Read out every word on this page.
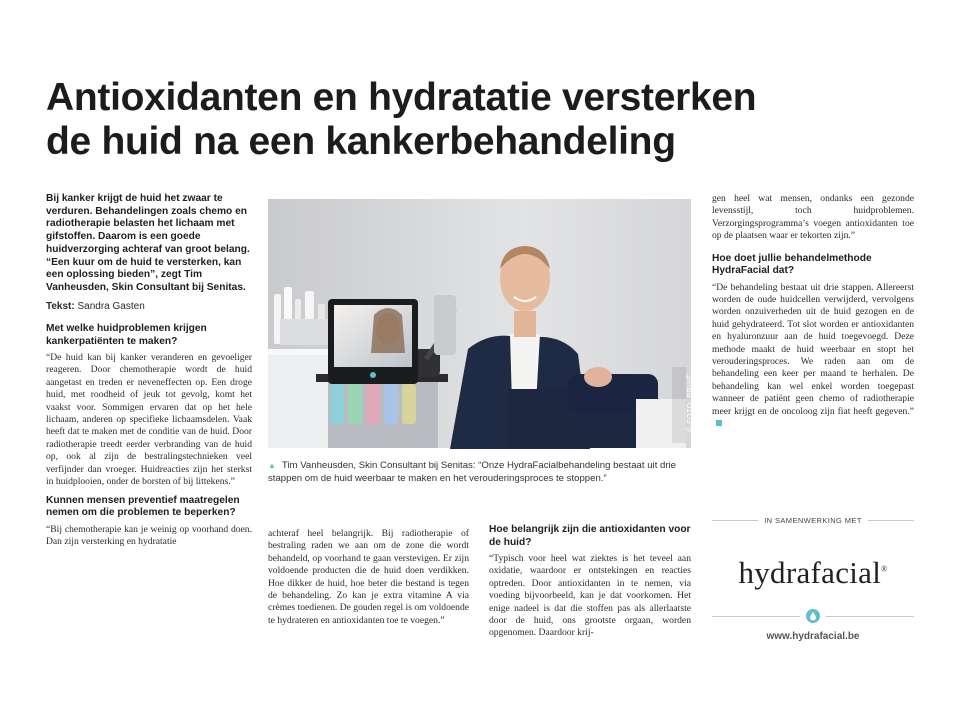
Antioxidanten en hydratatie versterken
de huid na een kankerbehandeling

Bij kanker krijgt de huid het zwaar te verduren. Behandelingen zoals chemo en radiotherapie belasten het lichaam met gifstoffen. Daarom is een goede huidverzorging achteraf van groot belang. “Een kuur om de huid te versterken, kan een oplossing bieden”, zegt Tim Vanheusden, Skin Consultant bij Senitas.

Tekst: Sandra Gasten

Met welke huidproblemen krijgen kankerpatiënten te maken?

“De huid kan bij kanker veranderen en gevoeliger reageren. Door chemotherapie wordt de huid aangetast en treden er neveneffecten op. Een droge huid, met roodheid of jeuk tot gevolg, komt het vaakst voor. Sommigen ervaren dat op het hele lichaam, anderen op specifieke lichaamsdelen. Vaak heeft dat te maken met de conditie van de huid. Door radiotherapie treedt eerder verbranding van de huid op, ook al zijn de bestralingstechnieken veel verfijnder dan vroeger. Huidreacties zijn het sterkst in huidplooien, onder de borsten of bij littekens.”

Kunnen mensen preventief maatregelen nemen om die problemen te beperken?

“Bij chemotherapie kan je weinig op voorhand doen. Dan zijn versterking en hydratatie

© FOTO: PRIVÉ
▲ Tim Vanheusden, Skin Consultant bij Senitas: “Onze HydraFacialbehandeling bestaat uit drie stappen om de huid weerbaar te maken en het verouderingsproces te stoppen.”

achteraf heel belangrijk. Bij radiotherapie of bestraling raden we aan om de zone die wordt behandeld, op voorhand te gaan verstevigen. Er zijn voldoende producten die de huid doen verdikken. Hoe dikker de huid, hoe beter die bestand is tegen de behandeling. Zo kan je extra vitamine A via crèmes toedienen. De gouden regel is om voldoende te hydrateren en antioxidanten toe te voegen.”

Hoe belangrijk zijn die antioxidanten voor de huid?

“Typisch voor heel wat ziektes is het teveel aan oxidatie, waardoor er ontstekingen en reacties optreden. Door antioxidanten in te nemen, via voeding bijvoorbeeld, kan je dat voorkomen. Het enige nadeel is dat die stoffen pas als allerlaatste door de huid, ons grootste orgaan, worden opgenomen. Daardoor krij-

gen heel wat mensen, ondanks een gezonde levensstijl, toch huidproblemen. Verzorgingsprogramma’s voegen antioxidanten toe op de plaatsen waar er tekorten zijn.”

Hoe doet jullie behandelmethode HydraFacial dat?

“De behandeling bestaat uit drie stappen. Allereerst worden de oude huidcellen verwijderd, vervolgens worden onzuiverheden uit de huid gezogen en de huid gehydrateerd. Tot slot worden er antioxidanten en hyaluronzuur aan de huid toegevoegd. Deze methode maakt de huid weerbaar en stopt het verouderingsproces. We raden aan om de behandeling een keer per maand te herhalen. De behandeling kan wel enkel worden toegepast wanneer de patiënt geen chemo of radiotherapie meer krijgt en de oncoloog zijn fiat heeft gegeven.”

IN SAMENWERKING MET
hydrafacial®
www.hydrafacial.be
